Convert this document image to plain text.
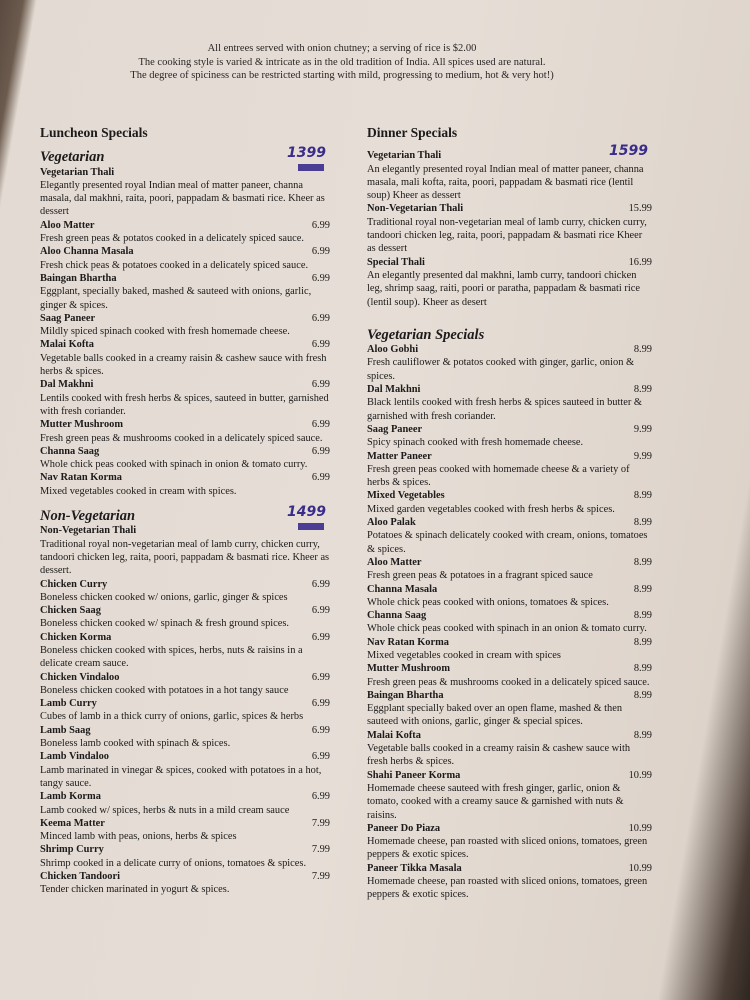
All entrees served with onion chutney; a serving of rice is $2.00
The cooking style is varied & intricate as in the old tradition of India. All spices used are natural.
The degree of spiciness can be restricted starting with mild, progressing to medium, hot & very hot!)
Luncheon Specials
Vegetarian	1399
Vegetarian Thali
Elegantly presented royal Indian meal of matter paneer, channa masala, dal makhni, raita, poori, pappadam & basmati rice. Kheer as dessert
Aloo Matter	6.99
Fresh green peas & potatos cooked in a delicately spiced sauce.
Aloo Channa Masala	6.99
Fresh chick peas & potatoes cooked in a delicately spiced sauce.
Baingan Bhartha	6.99
Eggplant, specially baked, mashed & sauteed with onions, garlic, ginger & spices.
Saag Paneer	6.99
Mildly spiced spinach cooked with fresh homemade cheese.
Malai Kofta	6.99
Vegetable balls cooked in a creamy raisin & cashew sauce with fresh herbs & spices.
Dal Makhni	6.99
Lentils cooked with fresh herbs & spices, sauteed in butter, garnished with fresh coriander.
Mutter Mushroom	6.99
Fresh green peas & mushrooms cooked in a delicately spiced sauce.
Channa Saag	6.99
Whole chick peas cooked with spinach in onion & tomato curry.
Nav Ratan Korma	6.99
Mixed vegetables cooked in cream with spices.
Non-Vegetarian	1499
Non-Vegetarian Thali
Traditional royal non-vegetarian meal of lamb curry, chicken curry, tandoori chicken leg, raita, poori, pappadam & basmati rice. Kheer as dessert.
Chicken Curry	6.99
Boneless chicken cooked w/ onions, garlic, ginger & spices
Chicken Saag	6.99
Boneless chicken cooked w/ spinach & fresh ground spices.
Chicken Korma	6.99
Boneless chicken cooked with spices, herbs, nuts & raisins in a delicate cream sauce.
Chicken Vindaloo	6.99
Boneless chicken cooked with potatoes in a hot tangy sauce
Lamb Curry	6.99
Cubes of lamb in a thick curry of onions, garlic, spices & herbs
Lamb Saag	6.99
Boneless lamb cooked with spinach & spices.
Lamb Vindaloo	6.99
Lamb marinated in vinegar & spices, cooked with potatoes in a hot, tangy sauce.
Lamb Korma	6.99
Lamb cooked w/ spices, herbs & nuts in a mild cream sauce
Keema Matter	7.99
Minced lamb with peas, onions, herbs & spices
Shrimp Curry	7.99
Shrimp cooked in a delicate curry of onions, tomatoes & spices.
Chicken Tandoori	7.99
Tender chicken marinated in yogurt & spices.
Dinner Specials
1599
Vegetarian Thali
An elegantly presented royal Indian meal of matter paneer, channa masala, mali kofta, raita, poori, pappadam & basmati rice (lentil soup) Kheer as dessert
Non-Vegetarian Thali	15.99
Traditional royal non-vegetarian meal of lamb curry, chicken curry, tandoori chicken leg, raita, poori, pappadam & basmati rice Kheer as dessert
Special Thali	16.99
An elegantly presented dal makhni, lamb curry, tandoori chicken leg, shrimp saag, raiti, poori or paratha, pappadam & basmati rice (lentil soup). Kheer as desert
Vegetarian Specials
Aloo Gobhi	8.99
Fresh cauliflower & potatos cooked with ginger, garlic, onion & spices.
Dal Makhni	8.99
Black lentils cooked with fresh herbs & spices sauteed in butter & garnished with fresh coriander.
Saag Paneer	9.99
Spicy spinach cooked with fresh homemade cheese.
Matter Paneer	9.99
Fresh green peas cooked with homemade cheese & a variety of herbs & spices.
Mixed Vegetables	8.99
Mixed garden vegetables cooked with fresh herbs & spices.
Aloo Palak	8.99
Potatoes & spinach delicately cooked with cream, onions, tomatoes & spices.
Aloo Matter	8.99
Fresh green peas & potatoes in a fragrant spiced sauce
Channa Masala	8.99
Whole chick peas cooked with onions, tomatoes & spices.
Channa Saag	8.99
Whole chick peas cooked with spinach in an onion & tomato curry.
Nav Ratan Korma	8.99
Mixed vegetables cooked in cream with spices
Mutter Mushroom	8.99
Fresh green peas & mushrooms cooked in a delicately spiced sauce.
Baingan Bhartha	8.99
Eggplant specially baked over an open flame, mashed & then sauteed with onions, garlic, ginger & special spices.
Malai Kofta	8.99
Vegetable balls cooked in a creamy raisin & cashew sauce with fresh herbs & spices.
Shahi Paneer Korma	10.99
Homemade cheese sauteed with fresh ginger, garlic, onion & tomato, cooked with a creamy sauce & garnished with nuts & raisins.
Paneer Do Piaza	10.99
Homemade cheese, pan roasted with sliced onions, tomatoes, green peppers & exotic spices.
Paneer Tikka Masala	10.99
Homemade cheese, pan roasted with sliced onions, tomatoes, green peppers & exotic spices.
